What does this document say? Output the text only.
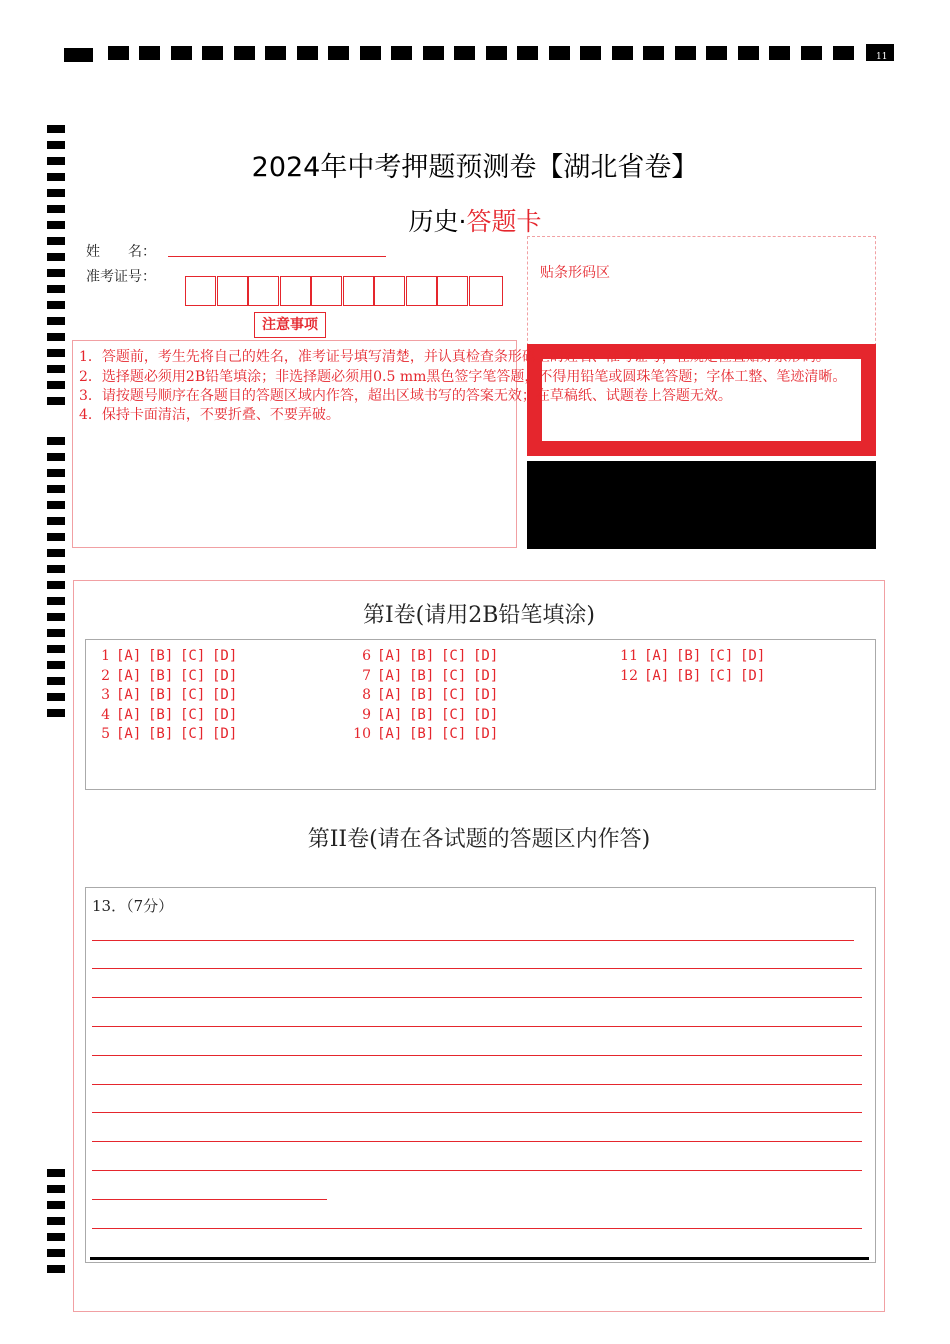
11
2024年中考押题预测卷【湖北省卷】
历史·答题卡
姓　　名：
准考证号：	贴条形码区
注意事项
1．答题前，考生先将自己的姓名，准考证号填写清楚，并认真检查条形码上的姓名、准考证号，在规定位置贴好条形码。
2．选择题必须用2B铅笔填涂；非选择题必须用0.5 mm黑色签字笔答题，不得用铅笔或圆珠笔答题；字体工整、笔迹清晰。
3．请按题号顺序在各题目的答题区域内作答，超出区域书写的答案无效；在草稿纸、试题卷上答题无效。
4．保持卡面清洁，不要折叠、不要弄破。
第I卷(请用2B铅笔填涂)
1 [A] [B] [C] [D]
2 [A] [B] [C] [D]
3 [A] [B] [C] [D]
4 [A] [B] [C] [D]
5 [A] [B] [C] [D]
6 [A] [B] [C] [D]
7 [A] [B] [C] [D]
8 [A] [B] [C] [D]
9 [A] [B] [C] [D]
10 [A] [B] [C] [D]
11 [A] [B] [C] [D]
12 [A] [B] [C] [D]
第II卷(请在各试题的答题区内作答)
13．（7分）
